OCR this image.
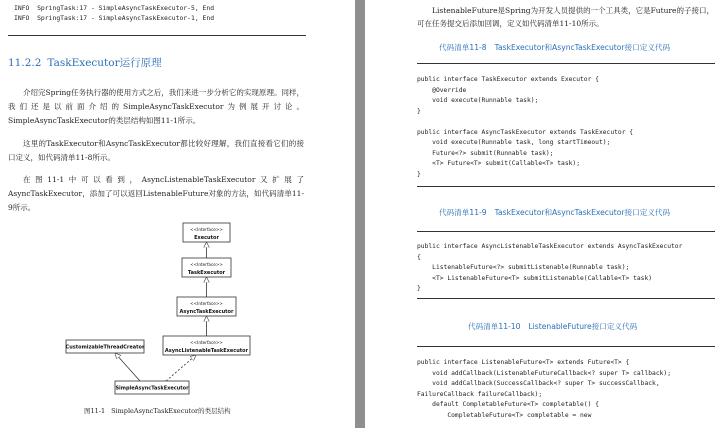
INFO  SpringTask:17 - SimpleAsyncTaskExecutor-5, End
INFO  SpringTask:17 - SimpleAsyncTaskExecutor-1, End
11.2.2 TaskExecutor运行原理
介绍完Spring任务执行器的使用方式之后，我们来进一步分析它的实现原理。同样，我们还是以前面介绍的SimpleAsyncTaskExecutor为例展开讨论。SimpleAsyncTaskExecutor的类层结构如图11-1所示。
这里的TaskExecutor和AsyncTaskExecutor都比较好理解，我们直接看它们的接口定义，如代码清单11-8所示。
在图11-1中可以看到，AsyncListenableTaskExecutor又扩展了AsyncTaskExecutor，添加了可以返回ListenableFuture对象的方法，如代码清单11-9所示。
<<Interface>>
Executor
<<Interface>>
TaskExecutor
<<Interface>>
AsyncTaskExecutor
<<Interface>>
AsyncListenableTaskExecutor
CustomizableThreadCreator
SimpleAsyncTaskExecutor
图11-1 SimpleAsyncTaskExecutor的类层结构
ListenableFuture是Spring为开发人员提供的一个工具类，它是Future的子接口，可在任务提交后添加回调，定义如代码清单11-10所示。
代码清单11-8 TaskExecutor和AsyncTaskExecutor接口定义代码
public interface TaskExecutor extends Executor {
@Override
void execute(Runnable task);
}

public interface AsyncTaskExecutor extends TaskExecutor {
void execute(Runnable task, long startTimeout);
Future<?> submit(Runnable task);
<T> Future<T> submit(Callable<T> task);
}
代码清单11-9 TaskExecutor和AsyncTaskExecutor接口定义代码
public interface AsyncListenableTaskExecutor extends AsyncTaskExecutor
{
ListenableFuture<?> submitListenable(Runnable task);
<T> ListenableFuture<T> submitListenable(Callable<T> task)
}
代码清单11-10 ListenableFuture接口定义代码
public interface ListenableFuture<T> extends Future<T> {
void addCallback(ListenableFutureCallback<? super T> callback);
void addCallback(SuccessCallback<? super T> successCallback,
FailureCallback failureCallback);
default CompletableFuture<T> completable() {
CompletableFuture<T> completable = new
